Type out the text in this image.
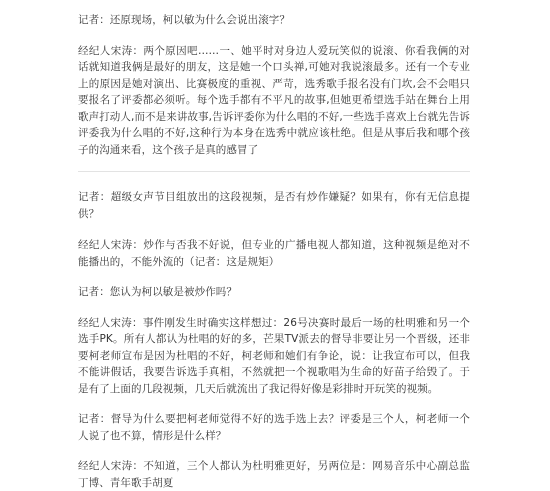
记者：还原现场，柯以敏为什么会说出滚字？

经纪人宋涛：两个原因吧……一、她平时对身边人爱玩笑似的说滚、你看我俩的对话就知道我俩是最好的朋友，这是她一个口头禅,可她对我说滚最多。还有一个专业上的原因是她对演出、比赛极度的重视、严苛，选秀歌手报名没有门坎,会不会唱只要报名了评委都必须听。每个选手都有不平凡的故事,但她更希望选手站在舞台上用歌声打动人,而不是来讲故事,告诉评委你为什么唱的不好,一些选手喜欢上台就先告诉评委我为什么唱的不好,这种行为本身在选秀中就应该杜绝。但是从事后我和哪个孩子的沟通来看，这个孩子是真的感冒了

记者：超级女声节目组放出的这段视频，是否有炒作嫌疑？如果有，你有无信息提供？

经纪人宋涛：炒作与否我不好说，但专业的广播电视人都知道，这种视频是绝对不能播出的，不能外流的（记者：这是规矩）

记者：您认为柯以敏是被炒作吗？

经纪人宋涛：事件刚发生时确实这样想过：26号决赛时最后一场的杜明雅和另一个选手PK。所有人都认为杜唱的好的多，芒果TV派去的督导非要让另一个晋级，还非要柯老师宣布是因为杜唱的不好，柯老师和她们有争论，说：让我宣布可以，但我不能讲假话，我要告诉选手真相，不然就把一个视歌唱为生命的好苗子给毁了。于是有了上面的几段视频，几天后就流出了我记得好像是彩排时开玩笑的视频。

记者：督导为什么要把柯老师觉得不好的选手选上去？评委是三个人，柯老师一个人说了也不算，情形是什么样？

经纪人宋涛：不知道，三个人都认为杜明雅更好，另两位是：网易音乐中心副总监丁博、青年歌手胡夏
